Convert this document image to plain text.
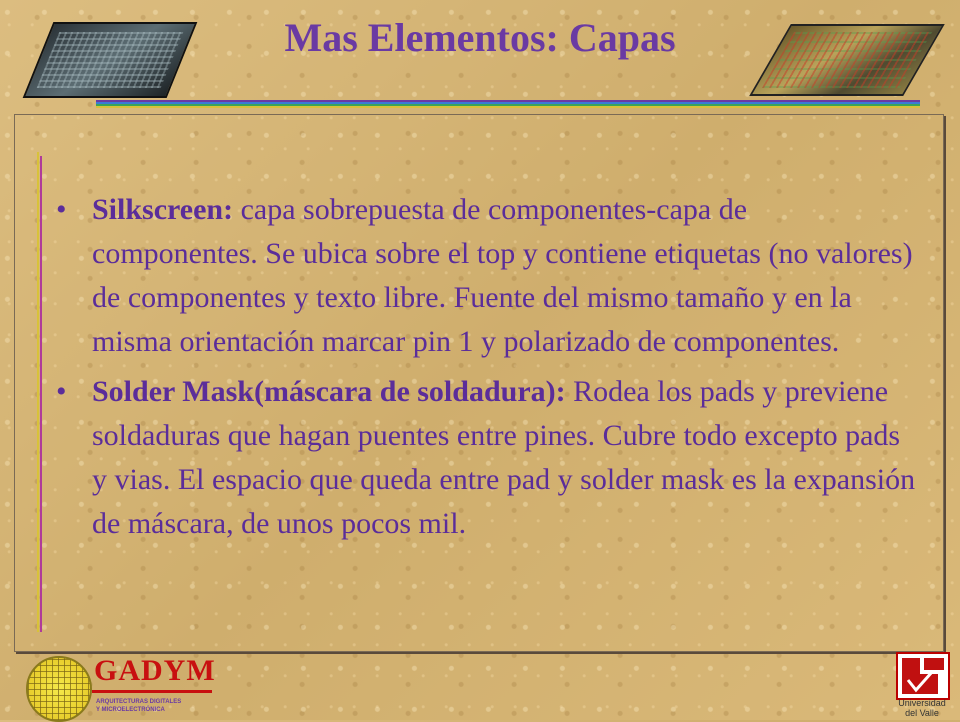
Mas Elementos: Capas
• Silkscreen: capa sobrepuesta de componentes-capa de componentes. Se ubica sobre el top y contiene etiquetas (no valores) de componentes y texto libre. Fuente del mismo tamaño y en la misma orientación marcar pin 1 y polarizado de componentes.
• Solder Mask(máscara de soldadura): Rodea los pads y previene soldaduras que hagan puentes entre pines. Cubre todo excepto pads y vias. El espacio que queda entre pad y solder mask es la expansión de máscara, de unos pocos mil.
GADYM
ARQUITECTURAS DIGITALES
Y MICROELECTRÓNICA
Universidad
del Valle
